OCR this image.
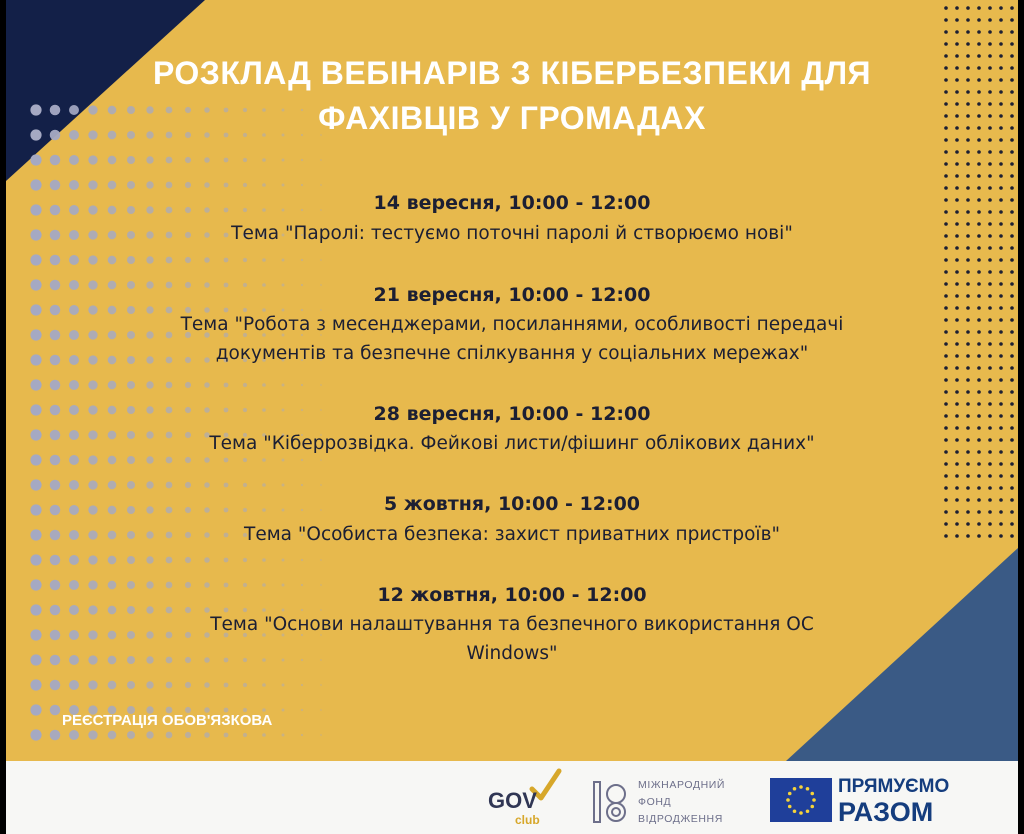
РОЗКЛАД ВЕБІНАРІВ З КІБЕРБЕЗПЕКИ ДЛЯ
ФАХІВЦІВ У ГРОМАДАХ
14 вересня, 10:00 - 12:00
Тема "Паролі: тестуємо поточні паролі й створюємо нові"
21 вересня, 10:00 - 12:00
Тема "Робота з месенджерами, посиланнями, особливості передачі
документів та безпечне спілкування у соціальних мережах"
28 вересня, 10:00 - 12:00
Тема "Кіберрозвідка. Фейкові листи/фішинг облікових даних"
5 жовтня, 10:00 - 12:00
Тема "Особиста безпека: захист приватних пристроїв"
12 жовтня, 10:00 - 12:00
Тема "Основи налаштування та безпечного використання ОС
Windows"
РЕЄСТРАЦІЯ ОБОВ'ЯЗКОВА
GOV
club
МІЖНАРОДНИЙ
ФОНД
ВІДРОДЖЕННЯ
ПРЯМУЄМО
РАЗОМ
